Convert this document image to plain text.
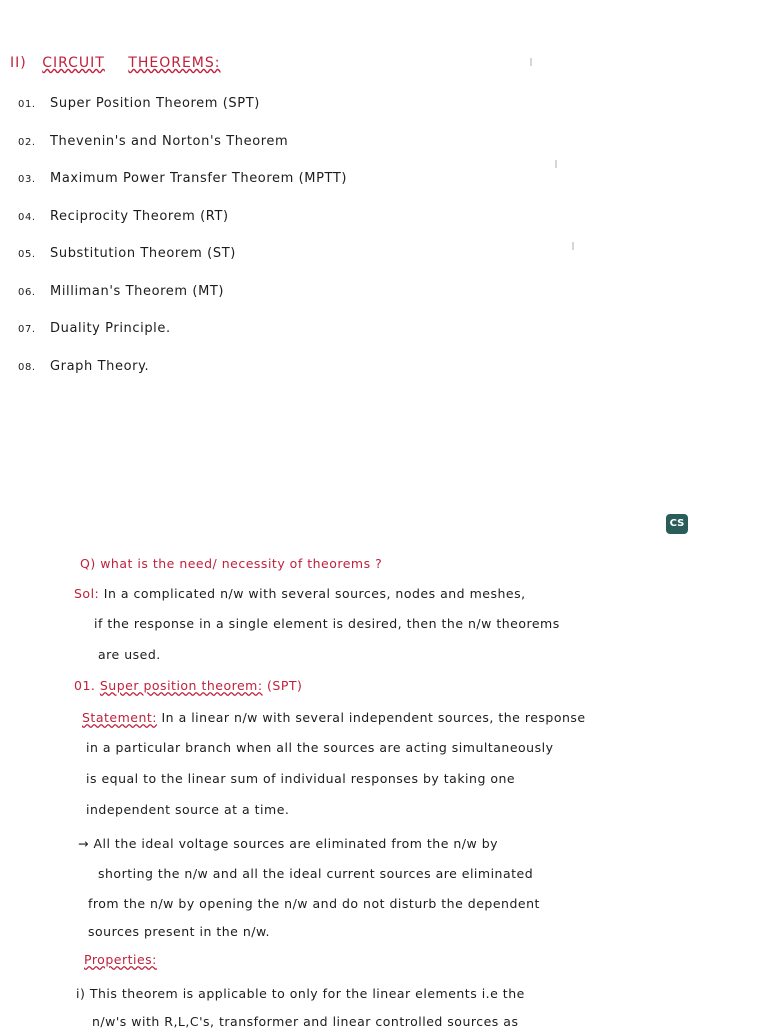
II) CIRCUIT THEOREMS:
01. Super Position Theorem (SPT)
02. Thevenin's and Norton's Theorem
03. Maximum Power Transfer Theorem (MPTT)
04. Reciprocity Theorem (RT)
05. Substitution Theorem (ST)
06. Milliman's Theorem (MT)
07. Duality Principle.
08. Graph Theory.
CS
Q) what is the need/ necessity of theorems ?
Sol: In a complicated n/w with several sources, nodes and meshes,
if the response in a single element is desired, then the n/w theorems
are used.
01. Super position theorem: (SPT)
Statement: In a linear n/w with several independent sources, the response
in a particular branch when all the sources are acting simultaneously
is equal to the linear sum of individual responses by taking one
independent source at a time.
→ All the ideal voltage sources are eliminated from the n/w by
shorting the n/w and all the ideal current sources are eliminated
from the n/w by opening the n/w and do not disturb the dependent
sources present in the n/w.
Properties:
i) This theorem is applicable to only for the linear elements i.e the
n/w's with R,L,C's, transformer and linear controlled sources as
